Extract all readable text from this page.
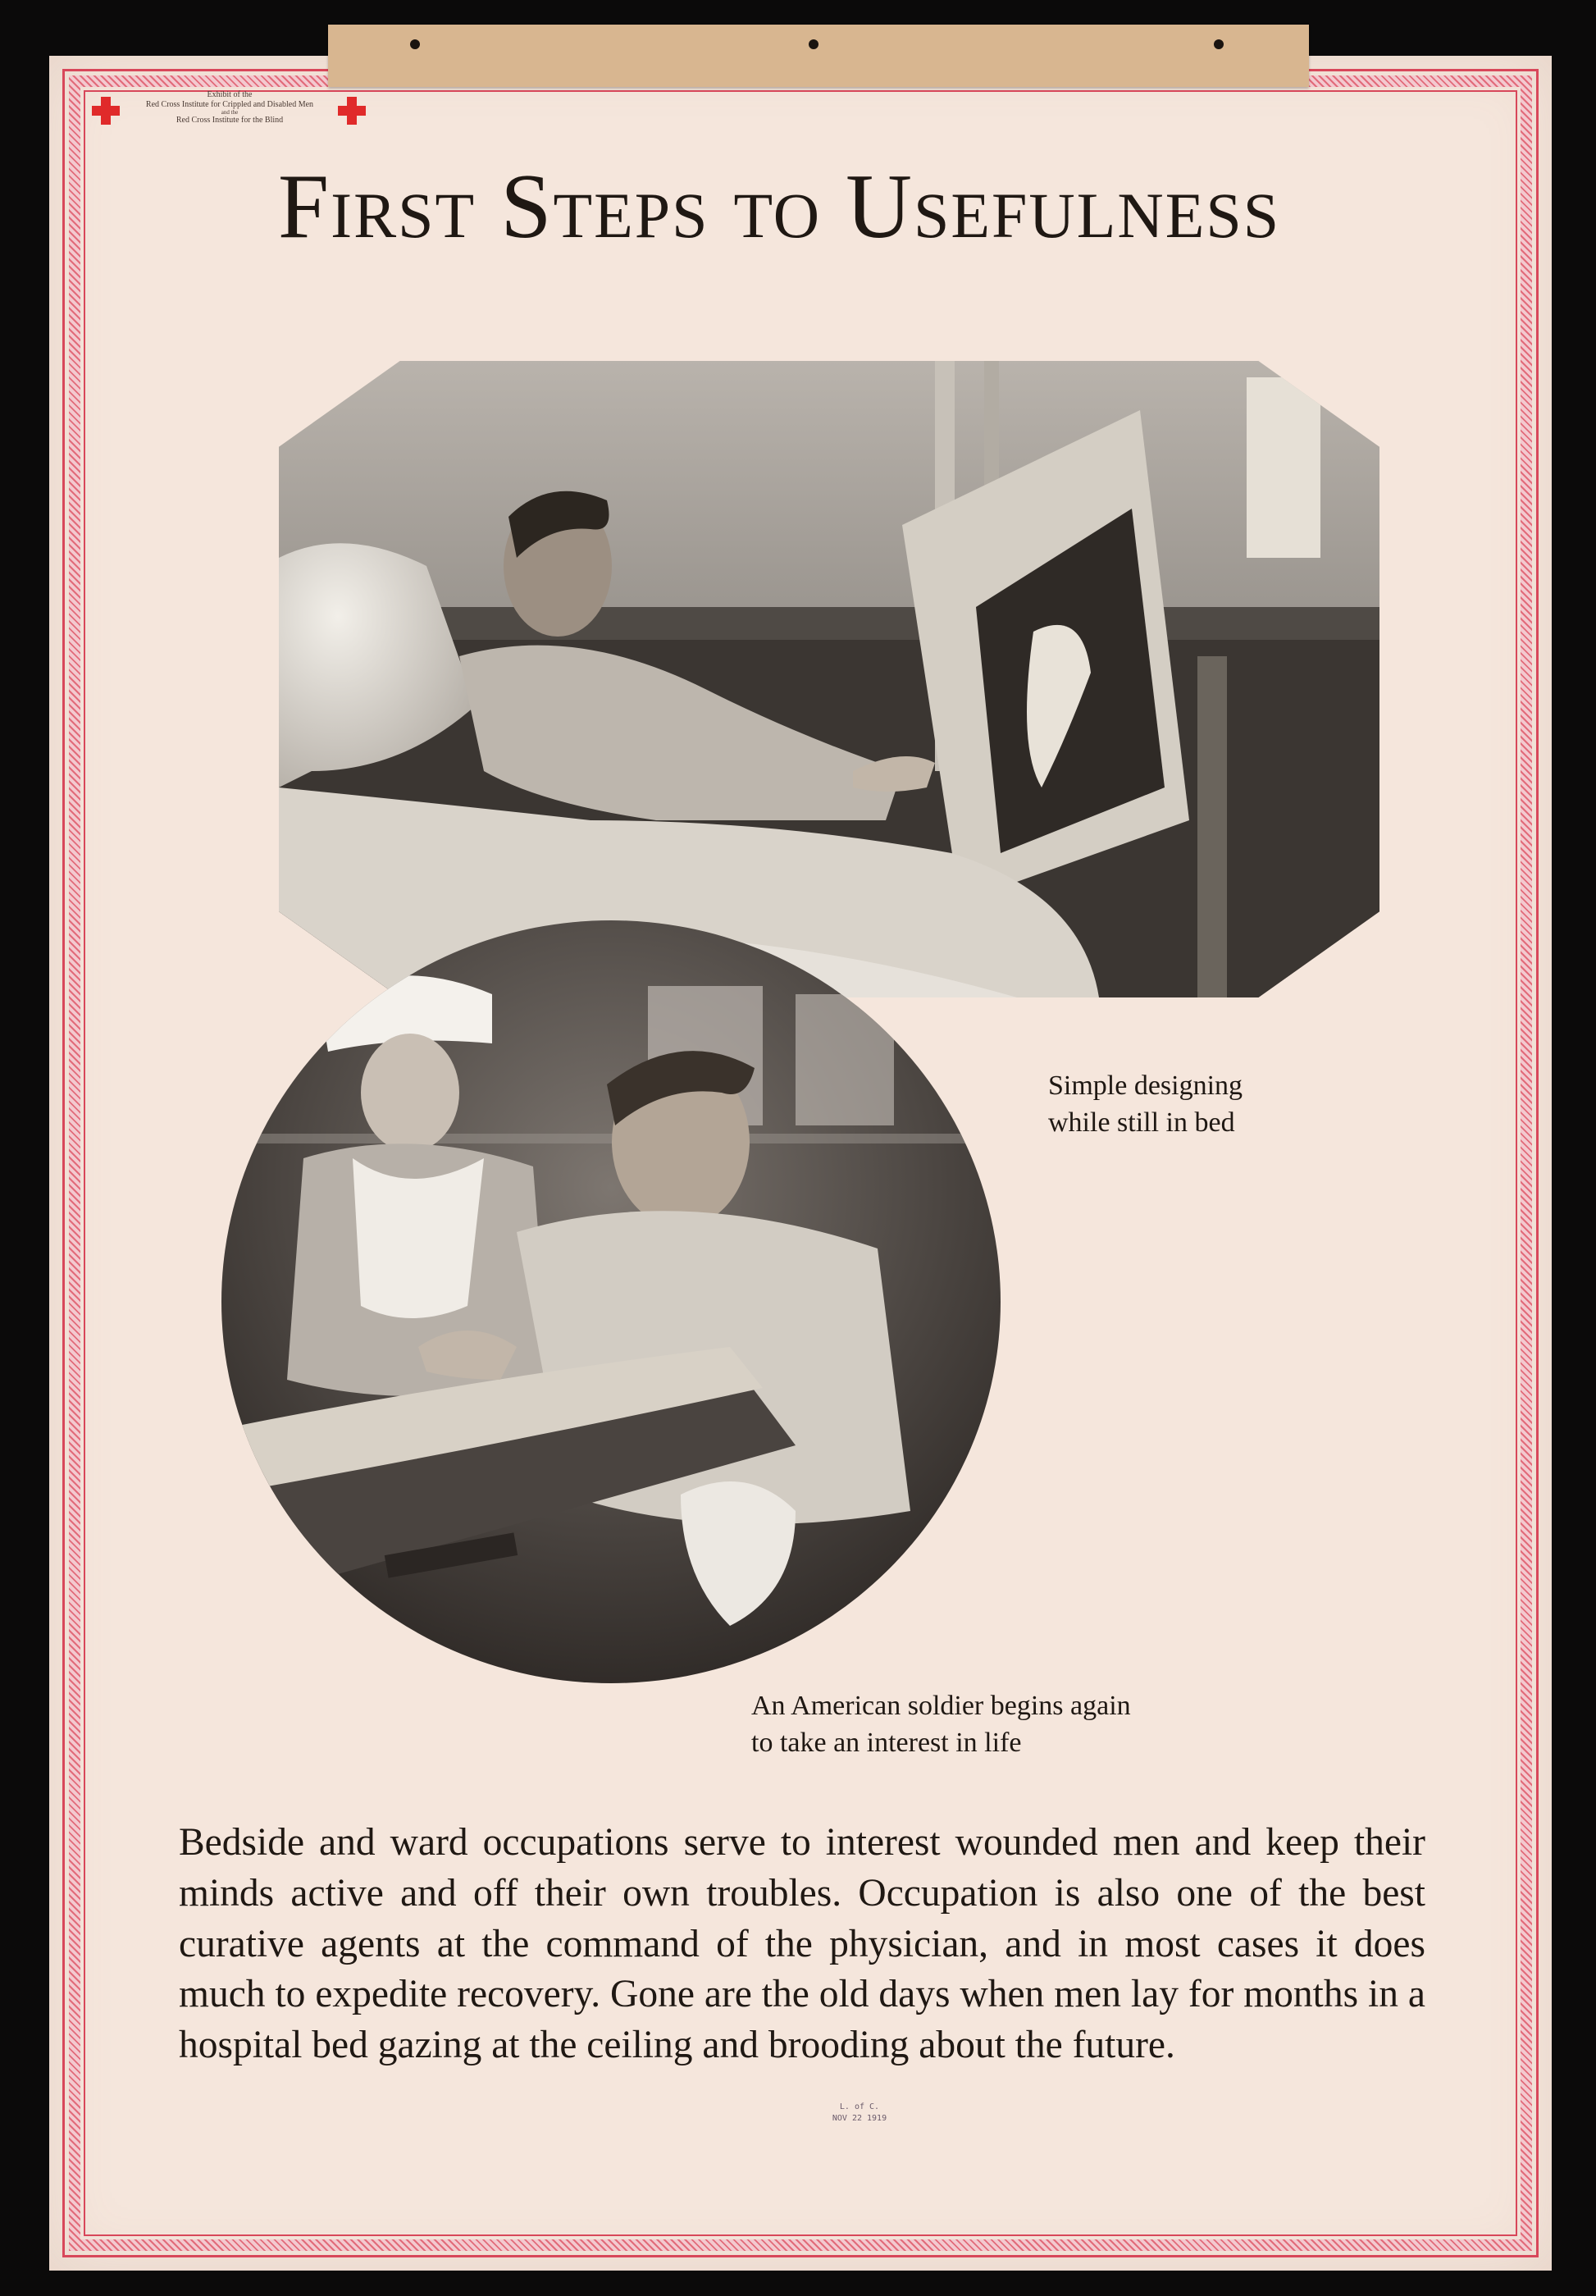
Exhibit of the
Red Cross Institute for Crippled and Disabled Men
and the
Red Cross Institute for the Blind
First Steps to Usefulness
Simple designing
while still in bed
An American soldier begins again
to take an interest in life
Bedside and ward occupations serve to interest wounded men and keep their minds active and off their own troubles. Occupation is also one of the best curative agents at the command of the physician, and in most cases it does much to expedite recovery. Gone are the old days when men lay for months in a hospital bed gazing at the ceiling and brooding about the future.
L. of C.
NOV 22 1919
